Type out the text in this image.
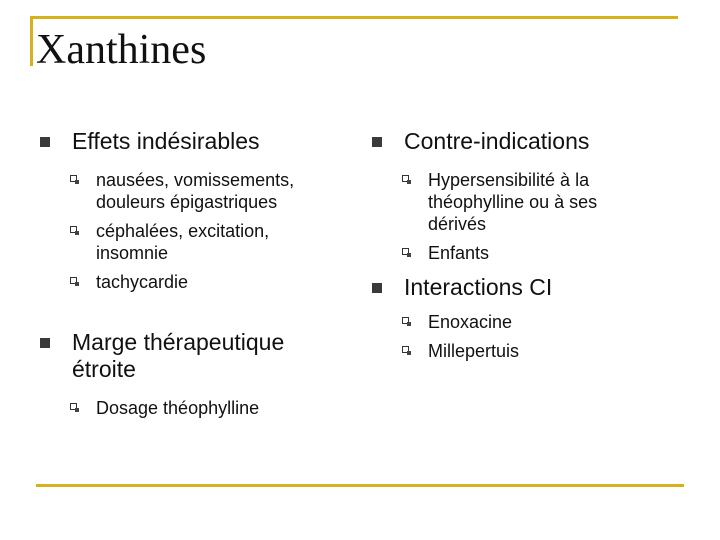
Xanthines
Effets indésirables
nausées, vomissements, douleurs épigastriques
céphalées, excitation, insomnie
tachycardie
Marge thérapeutique étroite
Dosage théophylline
Contre-indications
Hypersensibilité à la théophylline ou à ses dérivés
Enfants
Interactions CI
Enoxacine
Millepertuis
